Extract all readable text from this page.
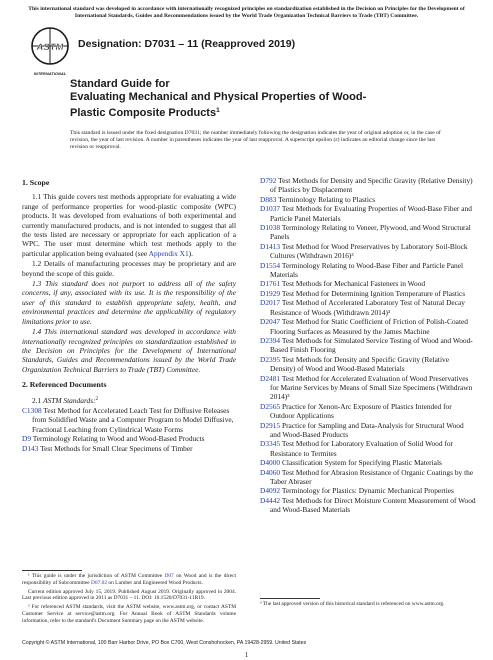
This international standard was developed in accordance with internationally recognized principles on standardization established in the Decision on Principles for the Development of International Standards, Guides and Recommendations issued by the World Trade Organization Technical Barriers to Trade (TBT) Committee.
ASTM
INTERNATIONAL
Designation: D7031 – 11 (Reapproved 2019)
Standard Guide for
Evaluating Mechanical and Physical Properties of Wood-
Plastic Composite Products$^1$
This standard is issued under the fixed designation D7031; the number immediately following the designation indicates the year of original adoption or, in the case of revision, the year of last revision. A number in parentheses indicates the year of last reapproval. A superscript epsilon (ε) indicates an editorial change since the last revision or reapproval.
1. Scope

1.1 This guide covers test methods appropriate for evaluating a wide range of performance properties for wood-plastic composite (WPC) products. It was developed from evaluations of both experimental and currently manufactured products, and is not intended to suggest that all the tests listed are necessary or appropriate for each application of a WPC. The user must determine which test methods apply to the particular application being evaluated (see Appendix X1).

1.2 Details of manufacturing processes may be proprietary and are beyond the scope of this guide.

1.3 This standard does not purport to address all of the safety concerns, if any, associated with its use. It is the responsibility of the user of this standard to establish appropriate safety, health, and environmental practices and determine the applicability of regulatory limitations prior to use.

1.4 This international standard was developed in accordance with internationally recognized principles on standardization established in the Decision on Principles for the Development of International Standards, Guides and Recommendations issued by the World Trade Organization Technical Barriers to Trade (TBT) Committee.

2. Referenced Documents
2.1 ASTM Standards:$^2$

C1308 Test Method for Accelerated Leach Test for Diffusive Releases from Solidified Waste and a Computer Program to Model Diffusive, Fractional Leaching from Cylindrical Waste Forms

D9 Terminology Relating to Wood and Wood-Based Products

D143 Test Methods for Small Clear Specimens of Timber

D792 Test Methods for Density and Specific Gravity (Relative Density) of Plastics by Displacement

D883 Terminology Relating to Plastics

D1037 Test Methods for Evaluating Properties of Wood-Base Fiber and Particle Panel Materials

D1038 Terminology Relating to Veneer, Plywood, and Wood Structural Panels

D1413 Test Method for Wood Preservatives by Laboratory Soil-Block Cultures (Withdrawn 2016)³

D1554 Terminology Relating to Wood-Base Fiber and Particle Panel Materials

D1761 Test Methods for Mechanical Fasteners in Wood

D1929 Test Method for Determining Ignition Temperature of Plastics

D2017 Test Method of Accelerated Laboratory Test of Natural Decay Resistance of Woods (Withdrawn 2014)³

D2047 Test Method for Static Coefficient of Friction of Polish-Coated Flooring Surfaces as Measured by the James Machine

D2394 Test Methods for Simulated Service Testing of Wood and Wood-Based Finish Flooring

D2395 Test Methods for Density and Specific Gravity (Relative Density) of Wood and Wood-Based Materials

D2481 Test Method for Accelerated Evaluation of Wood Preservatives for Marine Services by Means of Small Size Specimens (Withdrawn 2014)³

D2565 Practice for Xenon-Arc Exposure of Plastics Intended for Outdoor Applications

D2915 Practice for Sampling and Data-Analysis for Structural Wood and Wood-Based Products

D3345 Test Method for Laboratory Evaluation of Solid Wood for Resistance to Termites

D4000 Classification System for Specifying Plastic Materials

D4060 Test Method for Abrasion Resistance of Organic Coatings by the Taber Abraser

D4092 Terminology for Plastics: Dynamic Mechanical Properties

D4442 Test Methods for Direct Moisture Content Measurement of Wood and Wood-Based Materials

¹ This guide is under the jurisdiction of ASTM Committee D07 on Wood and is the direct responsibility of Subcommittee D07.02 on Lumber and Engineered Wood Products.

Current edition approved July 15, 2019. Published August 2019. Originally approved in 2004. Last previous edition approved in 2011 as D7031 – 11. DOI: 10.1520/D7031-11R19.

² For referenced ASTM standards, visit the ASTM website, www.astm.org, or contact ASTM Customer Service at service@astm.org. For Annual Book of ASTM Standards volume information, refer to the standard's Document Summary page on the ASTM website.

³ The last approved version of this historical standard is referenced on www.astm.org.
Copyright © ASTM International, 100 Barr Harbor Drive, PO Box C700, West Conshohocken, PA 19428-2959. United States
1
